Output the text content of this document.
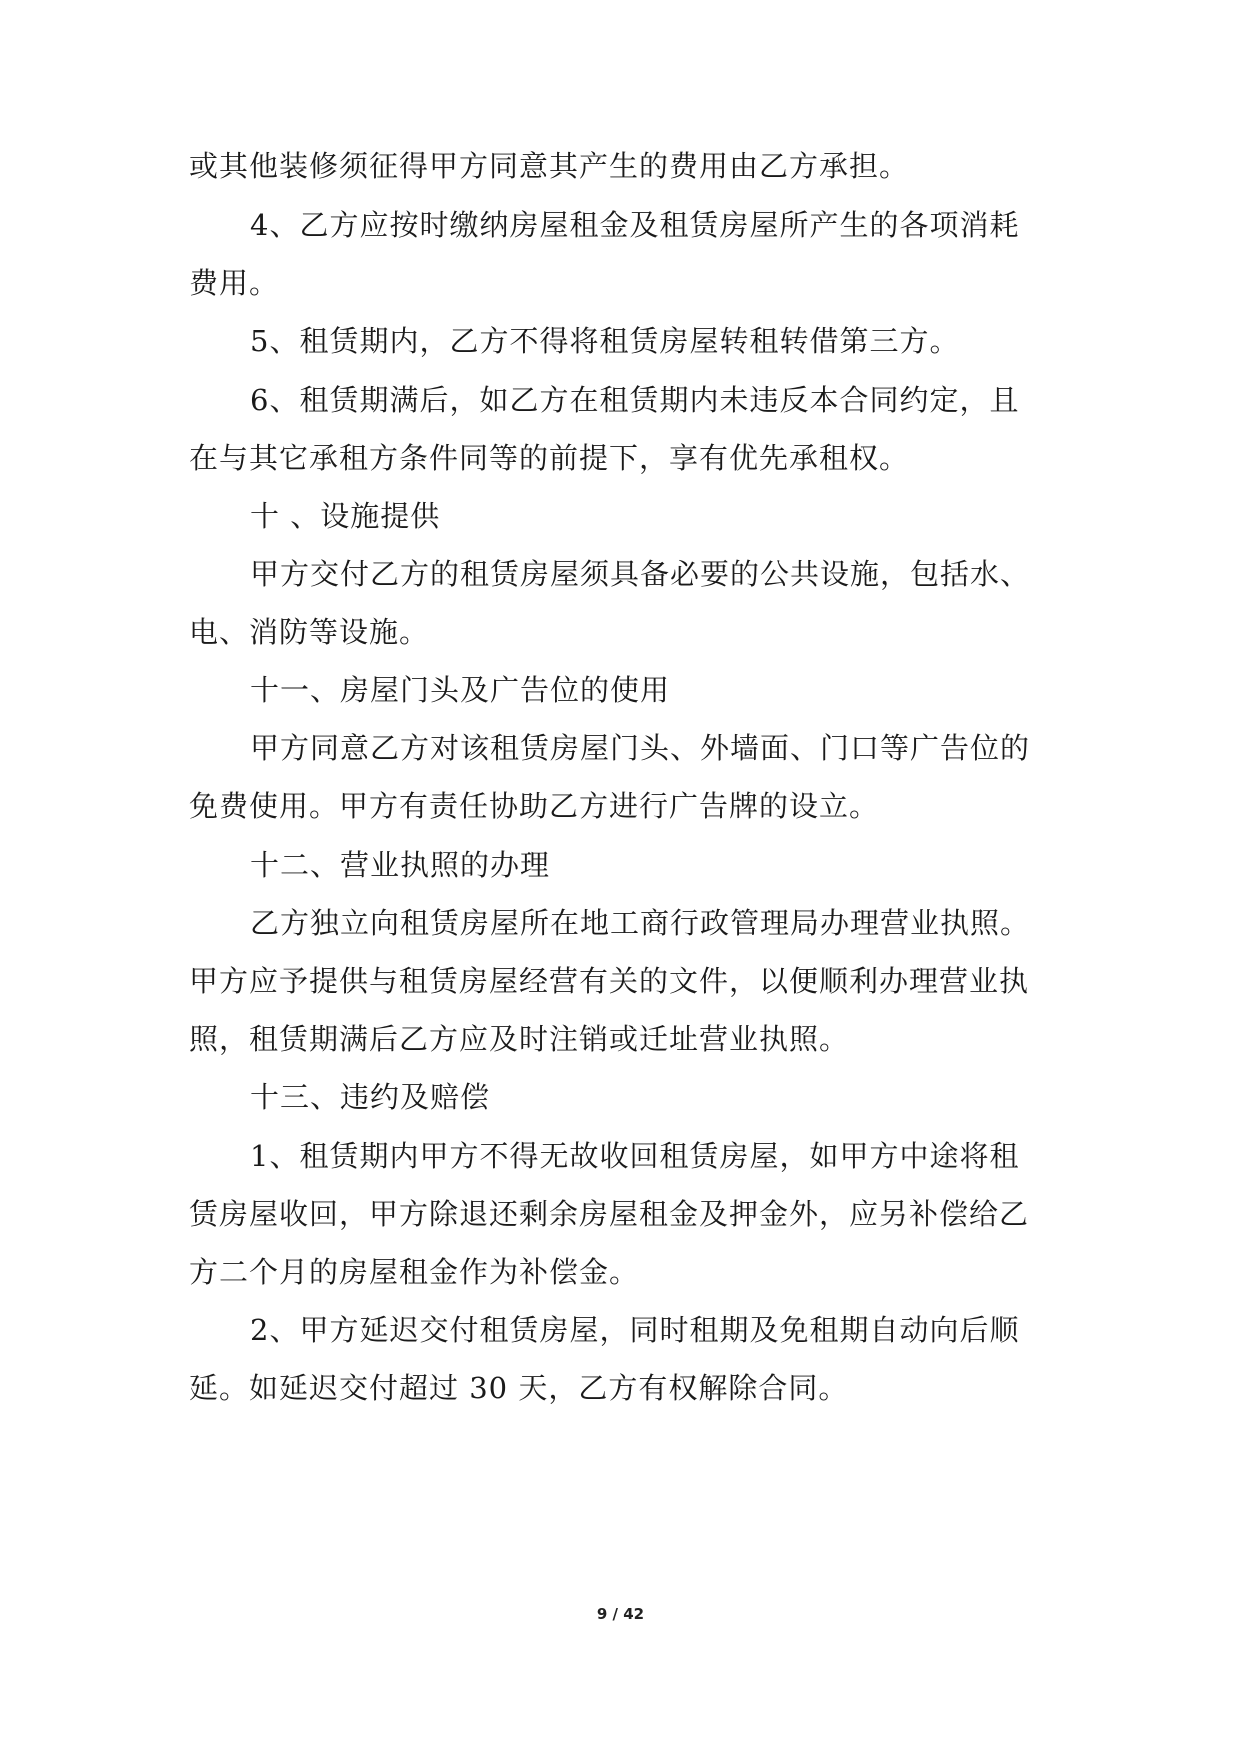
或其他装修须征得甲方同意其产生的费用由乙方承担。
4、乙方应按时缴纳房屋租金及租赁房屋所产生的各项消耗
费用。
5、租赁期内，乙方不得将租赁房屋转租转借第三方。
6、租赁期满后，如乙方在租赁期内未违反本合同约定，且
在与其它承租方条件同等的前提下，享有优先承租权。
十 、设施提供
甲方交付乙方的租赁房屋须具备必要的公共设施，包括水、
电、消防等设施。
十一、房屋门头及广告位的使用
甲方同意乙方对该租赁房屋门头、外墙面、门口等广告位的
免费使用。甲方有责任协助乙方进行广告牌的设立。
十二、营业执照的办理
乙方独立向租赁房屋所在地工商行政管理局办理营业执照。
甲方应予提供与租赁房屋经营有关的文件，以便顺利办理营业执
照，租赁期满后乙方应及时注销或迁址营业执照。
十三、违约及赔偿
1、租赁期内甲方不得无故收回租赁房屋，如甲方中途将租
赁房屋收回，甲方除退还剩余房屋租金及押金外，应另补偿给乙
方二个月的房屋租金作为补偿金。
2、甲方延迟交付租赁房屋，同时租期及免租期自动向后顺
延。如延迟交付超过 30 天，乙方有权解除合同。
9 / 42
